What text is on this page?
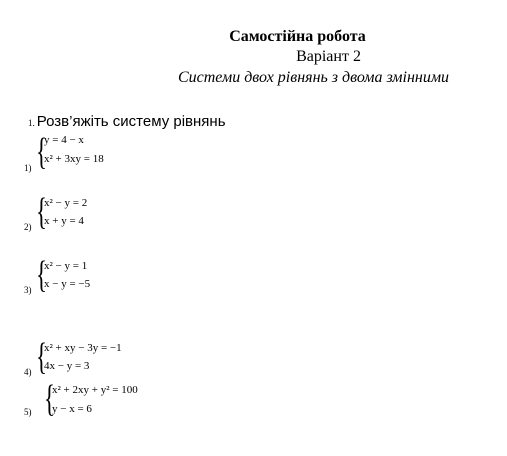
Самостійна робота
Варіант 2
Системи двох рівнянь з двома змінними
1. Розв’яжіть систему рівнянь
1) {
y = 4 − x
x² + 3xy = 18
2) {
x² − y = 2
x + y = 4
3) {
x² − y = 1
x − y = −5
4) {
x² + xy − 3y = −1
4x − y = 3
5) {
x² + 2xy + y² = 100
y − x = 6
